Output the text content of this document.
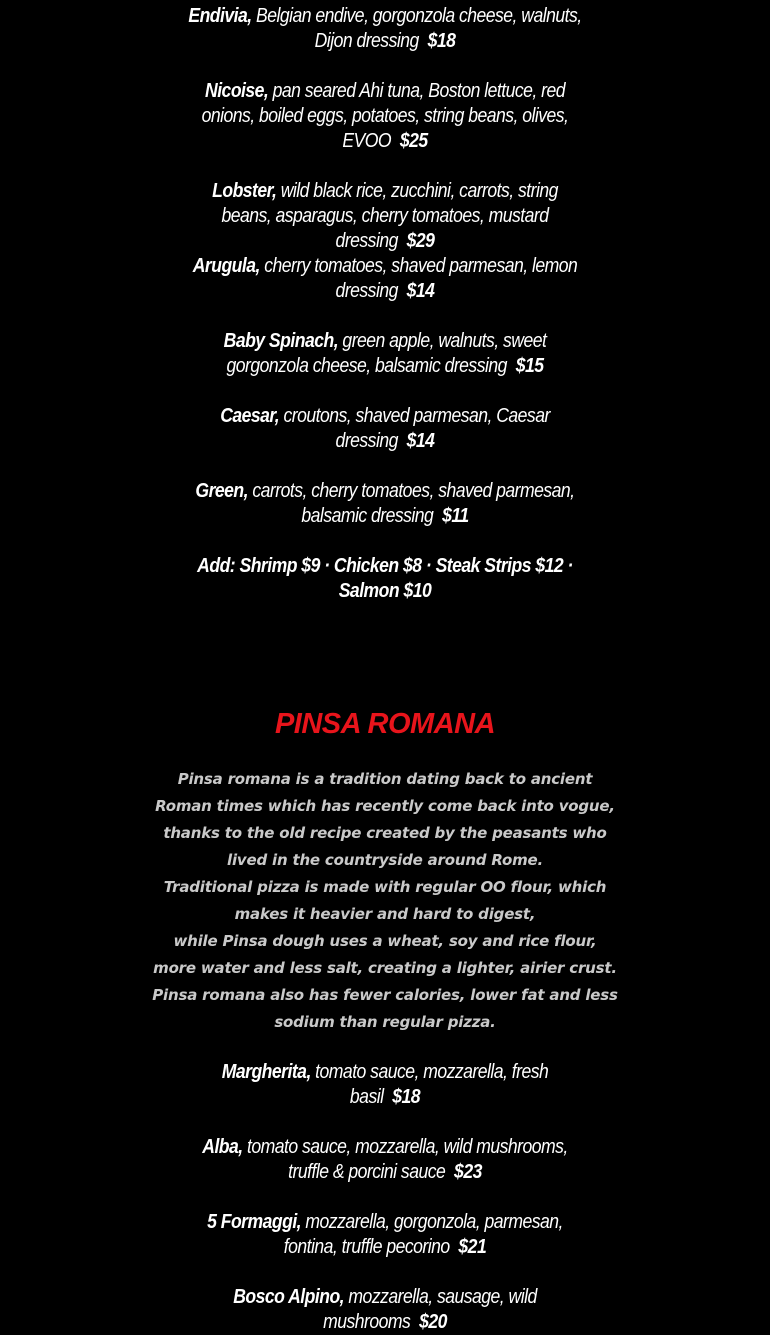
Endivia, Belgian endive, gorgonzola cheese, walnuts, Dijon dressing $18

Nicoise, pan seared Ahi tuna, Boston lettuce, red onions, boiled eggs, potatoes, string beans, olives, EVOO $25

Lobster, wild black rice, zucchini, carrots, string beans, asparagus, cherry tomatoes, mustard dressing $29

Arugula, cherry tomatoes, shaved parmesan, lemon dressing $14

Baby Spinach, green apple, walnuts, sweet gorgonzola cheese, balsamic dressing $15

Caesar, croutons, shaved parmesan, Caesar dressing $14

Green, carrots, cherry tomatoes, shaved parmesan, balsamic dressing $11

Add: Shrimp $9 · Chicken $8 · Steak Strips $12 · Salmon $10

PINSA ROMANA

Pinsa romana is a tradition dating back to ancient Roman times which has recently come back into vogue, thanks to the old recipe created by the peasants who lived in the countryside around Rome.

Traditional pizza is made with regular OO flour, which makes it heavier and hard to digest,

while Pinsa dough uses a wheat, soy and rice flour, more water and less salt, creating a lighter, airier crust.

Pinsa romana also has fewer calories, lower fat and less sodium than regular pizza.

Margherita, tomato sauce, mozzarella, fresh basil $18

Alba, tomato sauce, mozzarella, wild mushrooms, truffle & porcini sauce $23

5 Formaggi, mozzarella, gorgonzola, parmesan, fontina, truffle pecorino $21

Bosco Alpino, mozzarella, sausage, wild mushrooms $20
